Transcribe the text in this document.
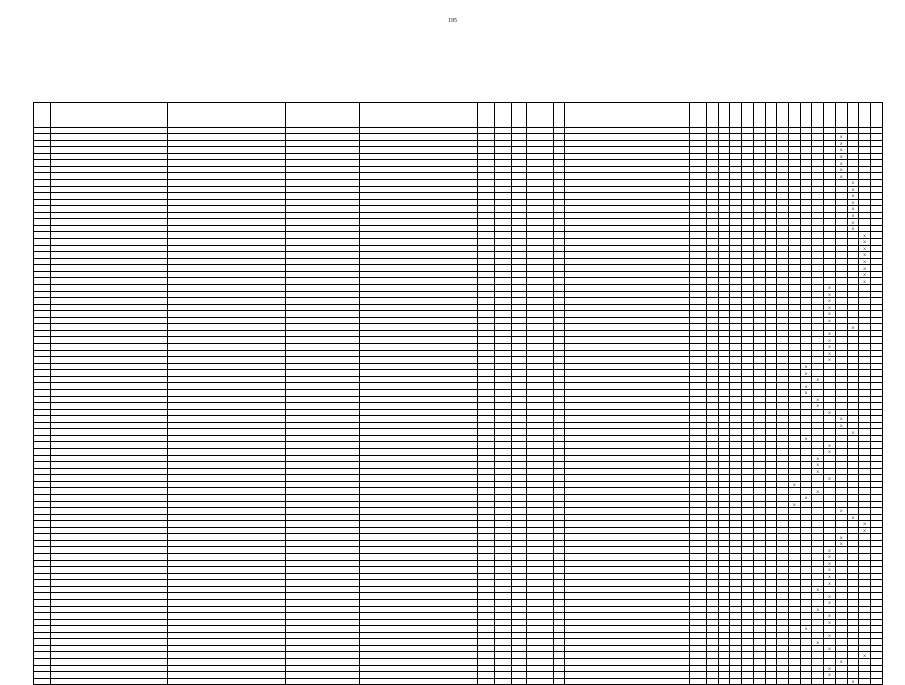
195

																							X			
																							X			
																							X			
																							X			
																							X			
																							X			
																							X			
																								X		
																								X		
																								X		
																								X		
																								X		
																								X		
																								X		
																								X		
																									X	
																									X	
																									X	
																									X	
																									X	
																									X	
																									X	
																									X	
																						X				
																						X				
																						X				
																						X				
																						X				
																						X				
																								X		
																						X				
																						X				
																						X				
																						X				
																						X				
																				X						
																				X						
																					X					
																				X						
																				X						
																					X					
																					X					
																						X				
																							X			
																							X			
																								X		
																				X						
																						X				
																						X				
																					X					
																					X					
																					X					
																						X				
																			X							
																					X					
																				X						
																			X							
																							X			
																								X		
																									X	
																									X	
																							X			
																							X			
																						X				
																						X				
																						X				
																						X				
																						X				
																						X				
																					X					
																						X				
																						X				
																					X					
																						X				
																						X				
																				X						
																						X				
																					X					
																						X				
																									X	
																							X			
																						X				
																						X				
																								X		
